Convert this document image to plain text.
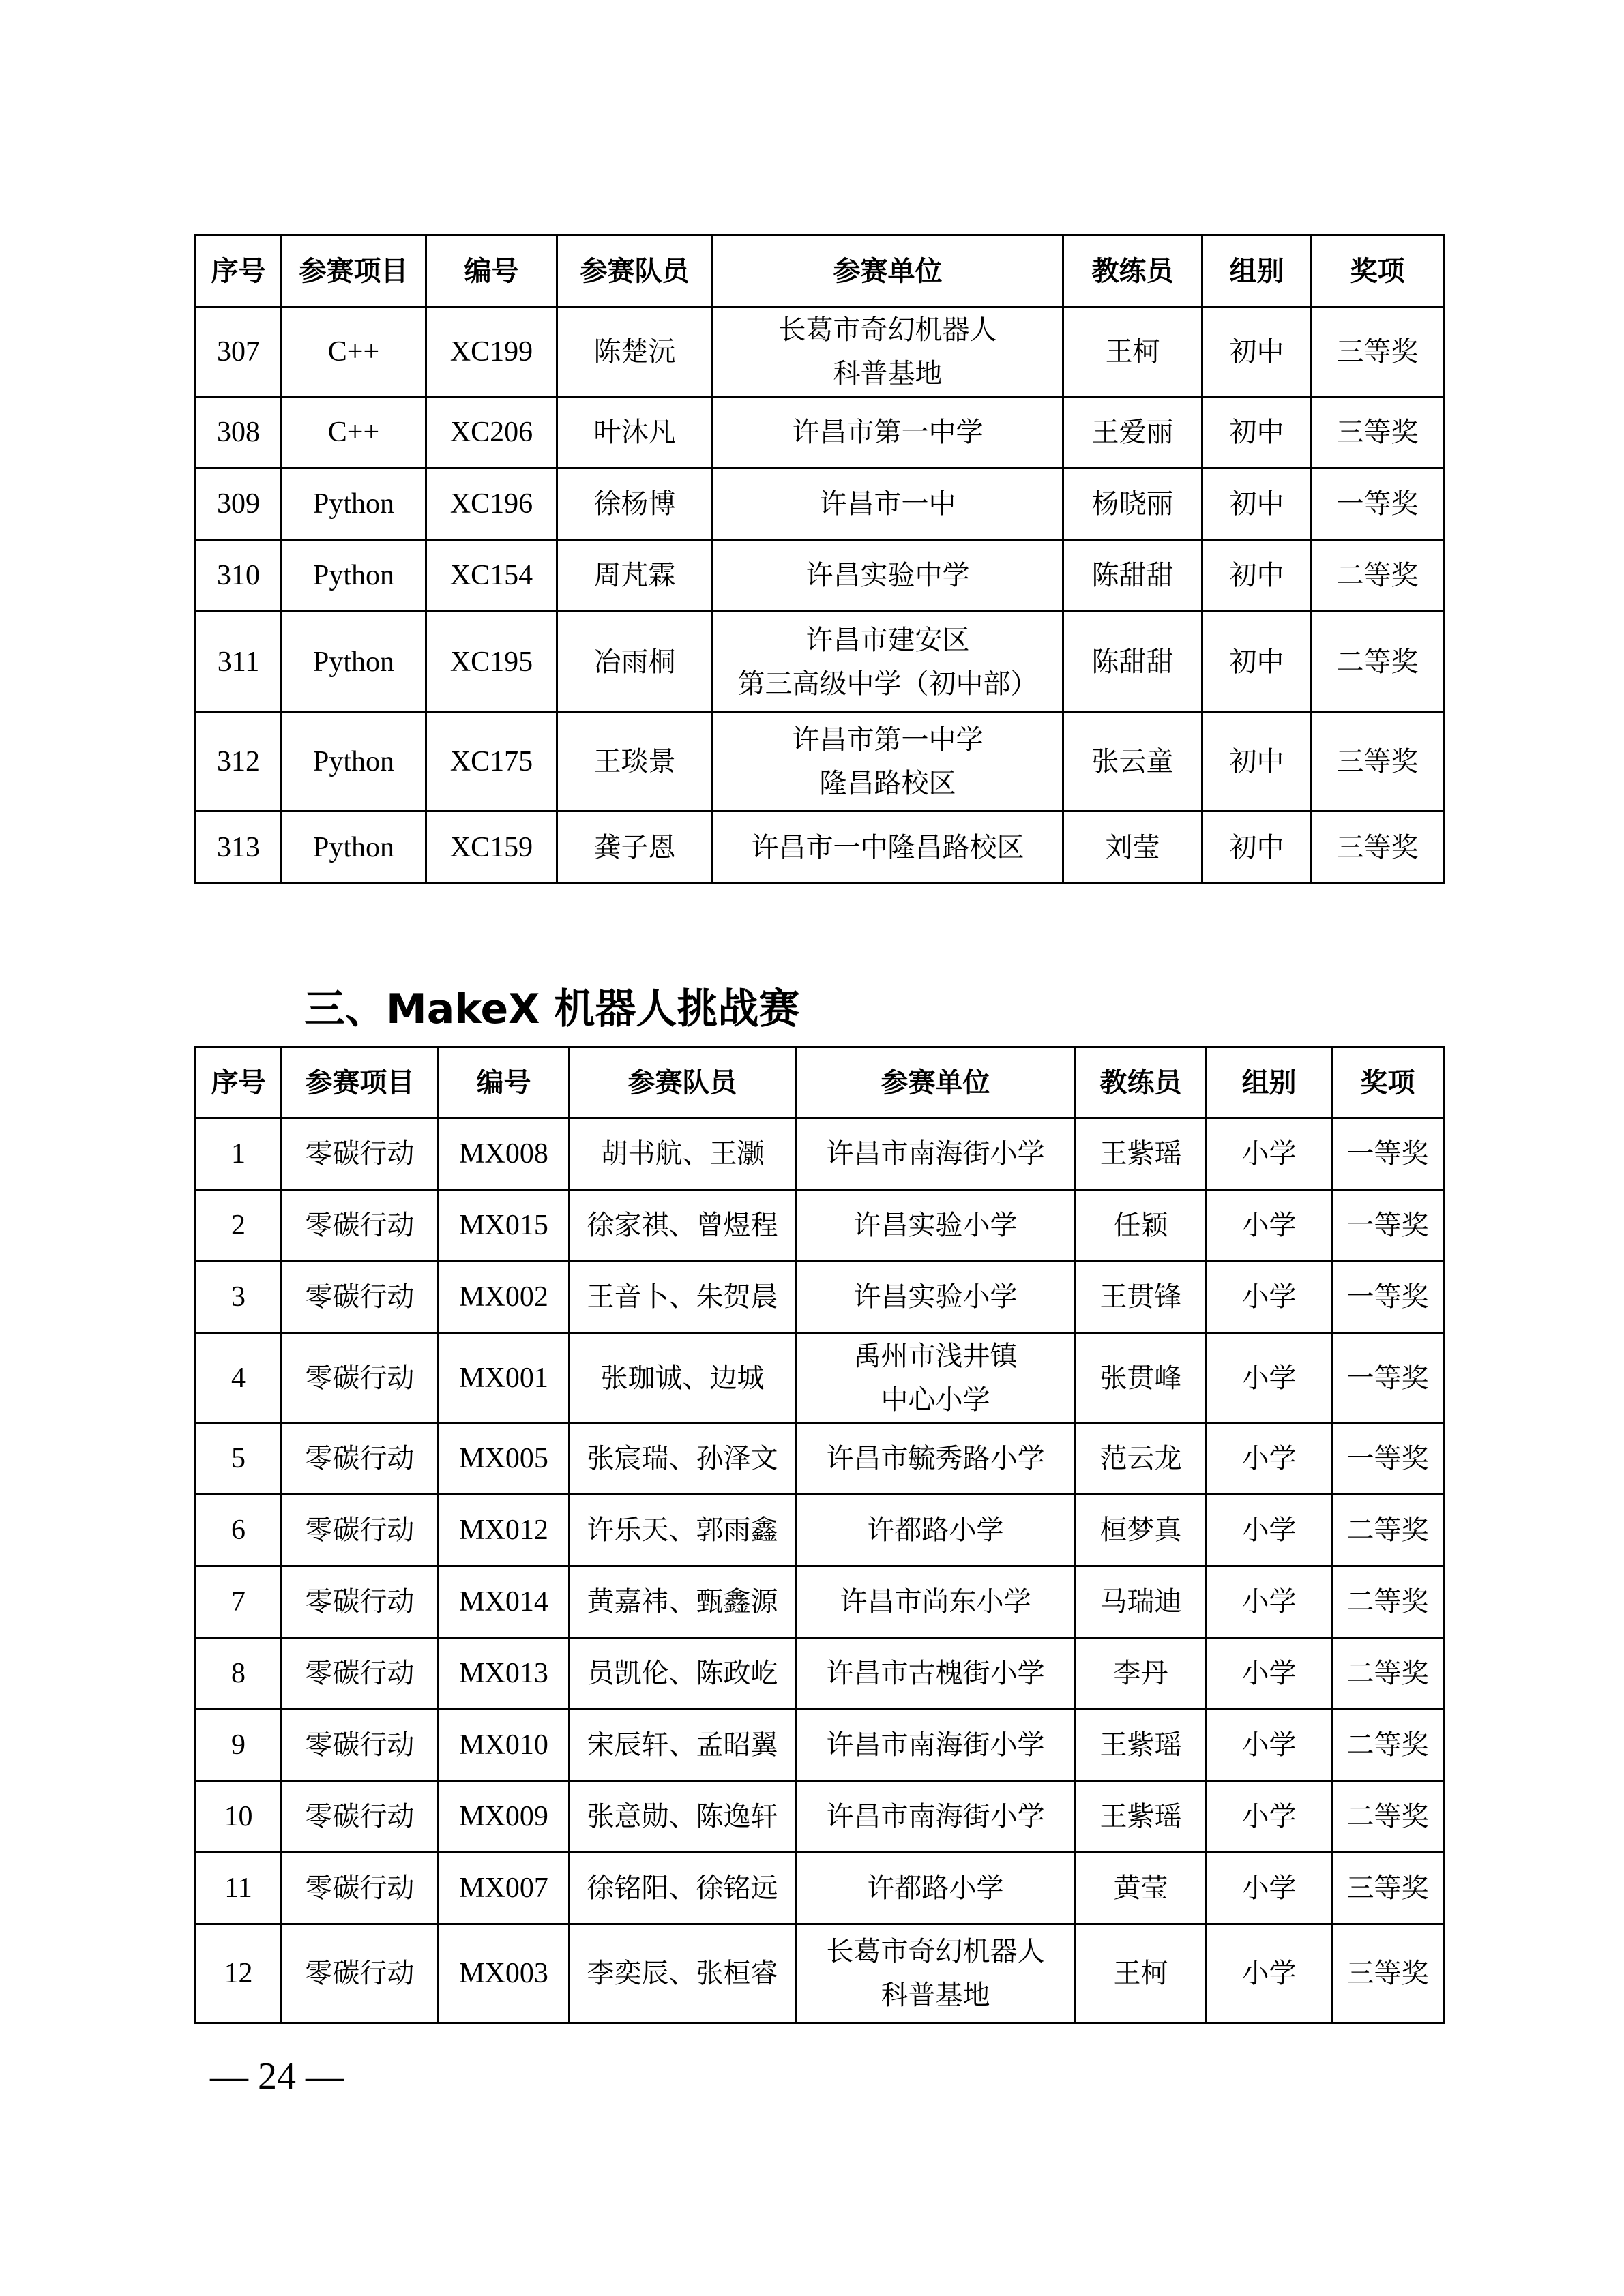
序号	参赛项目	编号	参赛队员	参赛单位	教练员	组别	奖项
307	C++	XC199	陈楚沅	长葛市奇幻机器人
科普基地	王柯	初中	三等奖
308	C++	XC206	叶沐凡	许昌市第一中学	王爱丽	初中	三等奖
309	Python	XC196	徐杨博	许昌市一中	杨晓丽	初中	一等奖
310	Python	XC154	周芃霖	许昌实验中学	陈甜甜	初中	二等奖
311	Python	XC195	冶雨桐	许昌市建安区
第三高级中学（初中部）	陈甜甜	初中	二等奖
312	Python	XC175	王琰景	许昌市第一中学
隆昌路校区	张云童	初中	三等奖
313	Python	XC159	龚子恩	许昌市一中隆昌路校区	刘莹	初中	三等奖
三、MakeX 机器人挑战赛
序号	参赛项目	编号	参赛队员	参赛单位	教练员	组别	奖项
1	零碳行动	MX008	胡书航、王灏	许昌市南海街小学	王紫瑶	小学	一等奖
2	零碳行动	MX015	徐家祺、曾煜程	许昌实验小学	任颖	小学	一等奖
3	零碳行动	MX002	王音卜、朱贺晨	许昌实验小学	王贯锋	小学	一等奖
4	零碳行动	MX001	张珈诚、边城	禹州市浅井镇
中心小学	张贯峰	小学	一等奖
5	零碳行动	MX005	张宸瑞、孙泽文	许昌市毓秀路小学	范云龙	小学	一等奖
6	零碳行动	MX012	许乐天、郭雨鑫	许都路小学	桓梦真	小学	二等奖
7	零碳行动	MX014	黄嘉祎、甄鑫源	许昌市尚东小学	马瑞迪	小学	二等奖
8	零碳行动	MX013	员凯伦、陈政屹	许昌市古槐街小学	李丹	小学	二等奖
9	零碳行动	MX010	宋辰轩、孟昭翼	许昌市南海街小学	王紫瑶	小学	二等奖
10	零碳行动	MX009	张意勋、陈逸轩	许昌市南海街小学	王紫瑶	小学	二等奖
11	零碳行动	MX007	徐铭阳、徐铭远	许都路小学	黄莹	小学	三等奖
12	零碳行动	MX003	李奕辰、张桓睿	长葛市奇幻机器人
科普基地	王柯	小学	三等奖
— 24 —
